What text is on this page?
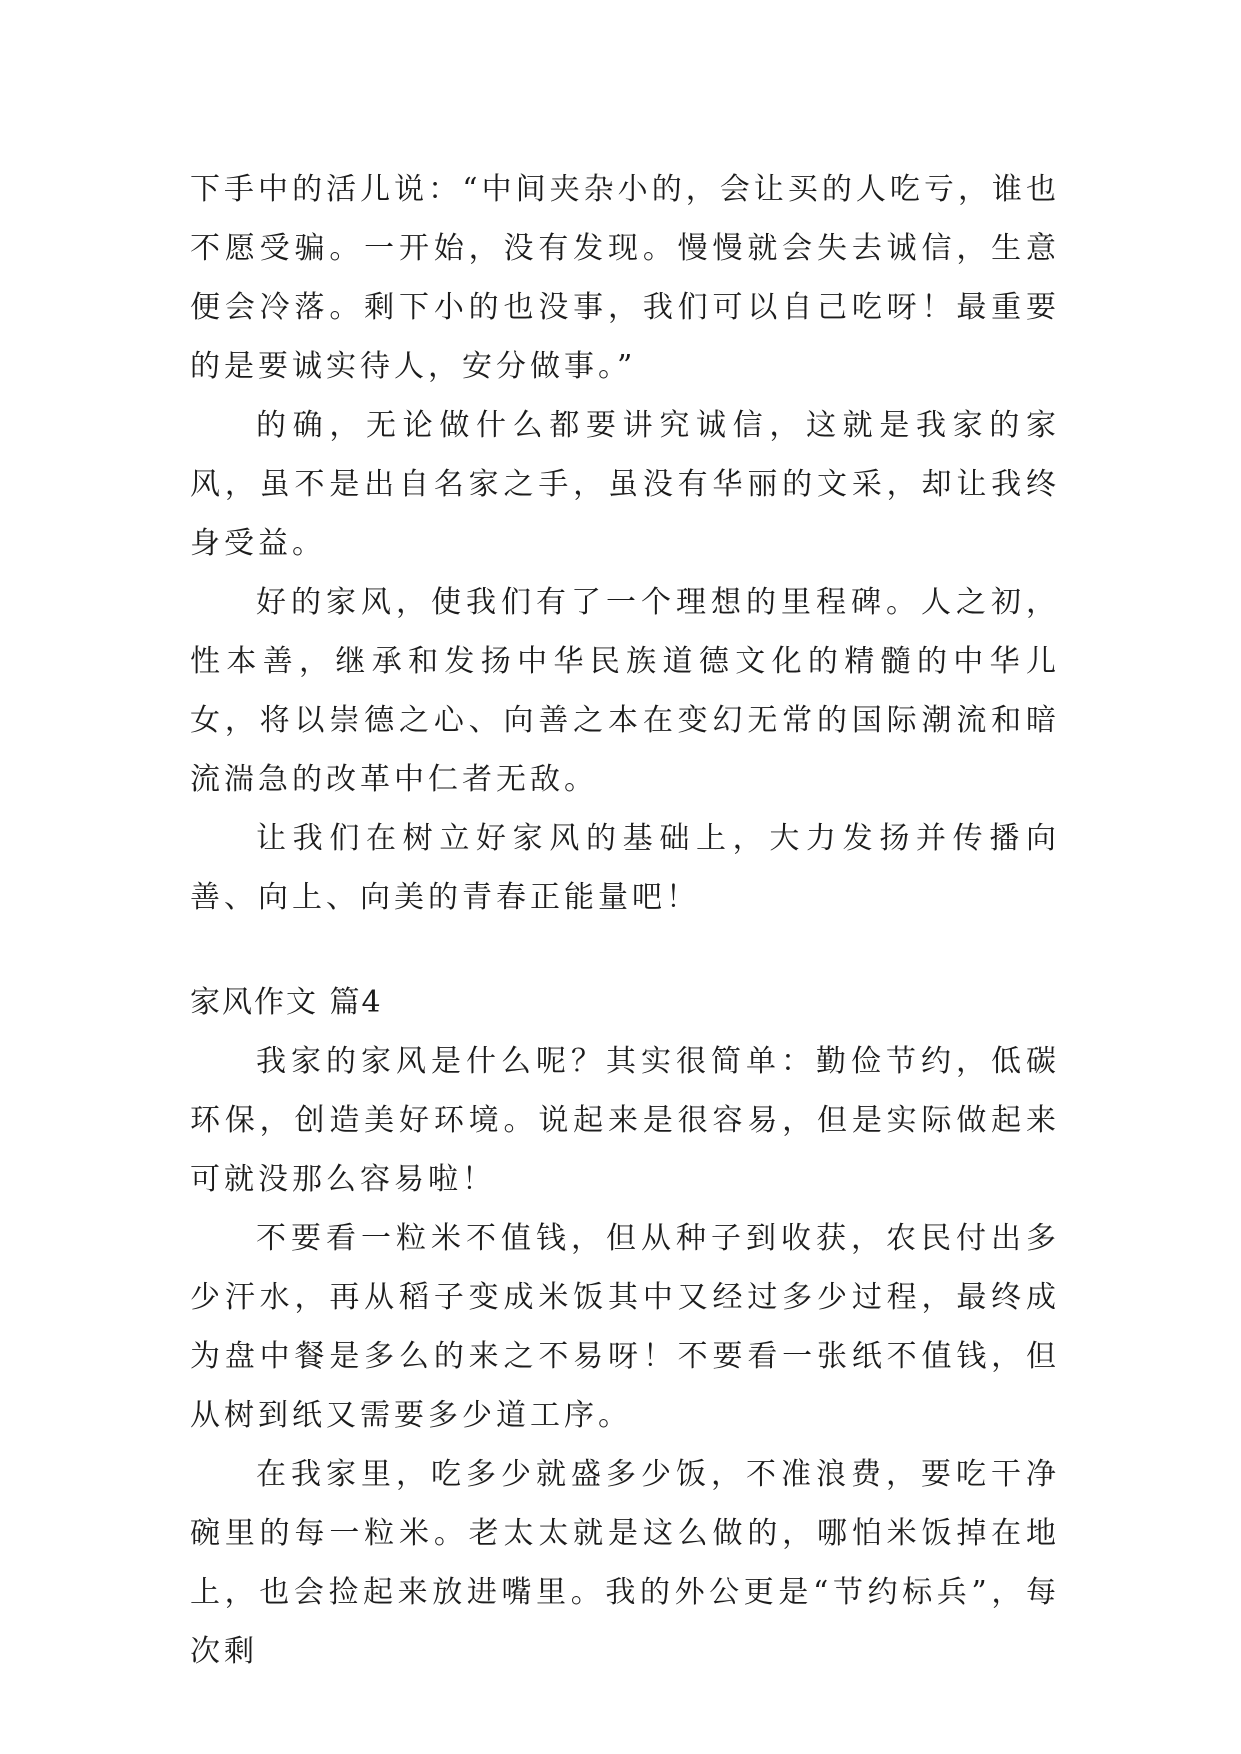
下手中的活儿说：“中间夹杂小的，会让买的人吃亏，谁也不愿受骗。一开始，没有发现。慢慢就会失去诚信，生意便会冷落。剩下小的也没事，我们可以自己吃呀！最重要的是要诚实待人，安分做事。”

的确，无论做什么都要讲究诚信，这就是我家的家风，虽不是出自名家之手，虽没有华丽的文采，却让我终身受益。

好的家风，使我们有了一个理想的里程碑。人之初，性本善，继承和发扬中华民族道德文化的精髓的中华儿女，将以崇德之心、向善之本在变幻无常的国际潮流和暗流湍急的改革中仁者无敌。

让我们在树立好家风的基础上，大力发扬并传播向善、向上、向美的青春正能量吧！

家风作文 篇4

我家的家风是什么呢？其实很简单：勤俭节约，低碳环保，创造美好环境。说起来是很容易，但是实际做起来可就没那么容易啦！

不要看一粒米不值钱，但从种子到收获，农民付出多少汗水，再从稻子变成米饭其中又经过多少过程，最终成为盘中餐是多么的来之不易呀！不要看一张纸不值钱，但从树到纸又需要多少道工序。

在我家里，吃多少就盛多少饭，不准浪费，要吃干净碗里的每一粒米。老太太就是这么做的，哪怕米饭掉在地上，也会捡起来放进嘴里。我的外公更是“节约标兵”，每次剩
